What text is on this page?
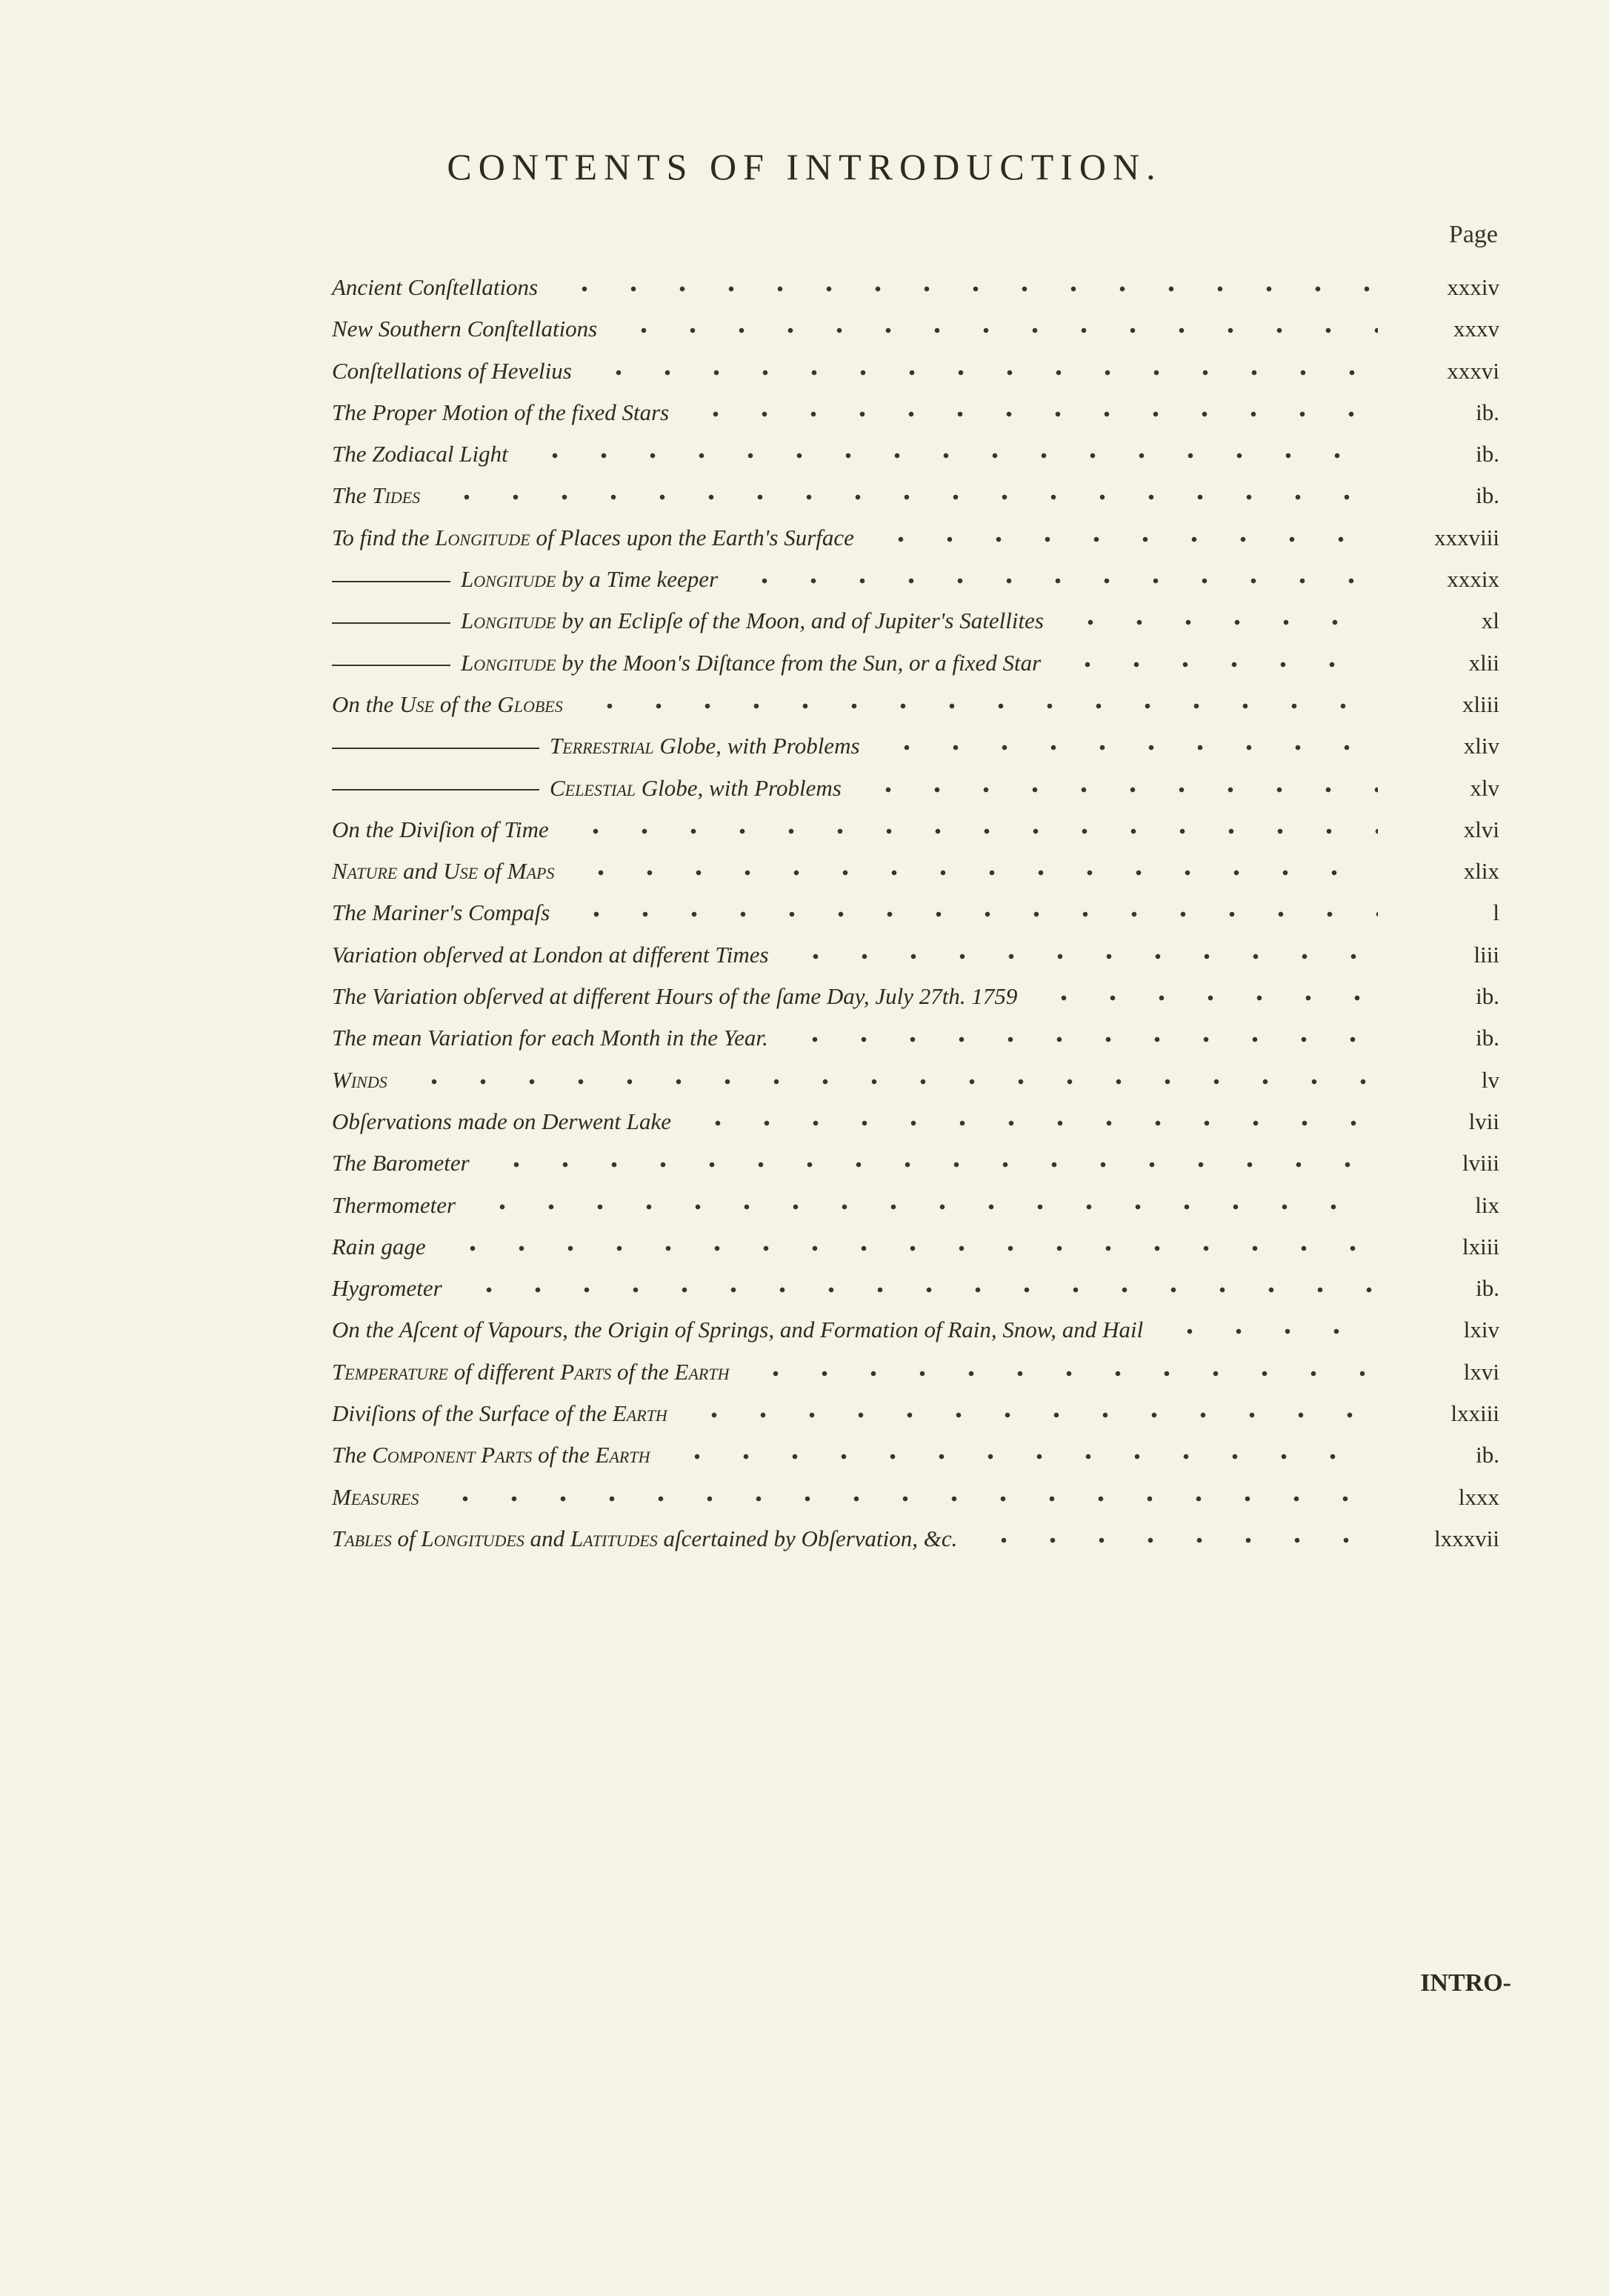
CONTENTS OF INTRODUCTION.
Page
Ancient Conſtellations	xxxiv
New Southern Conſtellations	xxxv
Conſtellations of Hevelius	xxxvi
The Proper Motion of the fixed Stars	ib.
The Zodiacal Light	ib.
The Tides	ib.
To find the Longitude of Places upon the Earth's Surface	xxxviii
Longitude by a Time keeper	xxxix
Longitude by an Eclipſe of the Moon, and of Jupiter's Satellites	xl
Longitude by the Moon's Diſtance from the Sun, or a fixed Star	xlii
On the Use of the Globes	xliii
Terreſtrial Globe, with Problems	xliv
Celeſtial Globe, with Problems	xlv
On the Diviſion of Time	xlvi
Nature and Use of Maps	xlix
The Mariner's Compaſs	l
Variation obſerved at London at different Times	liii
The Variation obſerved at different Hours of the ſame Day, July 27th. 1759	ib.
The mean Variation for each Month in the Year.	ib.
Winds	lv
Obſervations made on Derwent Lake	lvii
The Barometer	lviii
Thermometer	lix
Rain gage	lxiii
Hygrometer	ib.
On the Aſcent of Vapours, the Origin of Springs, and Formation of Rain, Snow, and Hail	lxiv
Temperature of different Parts of the Earth	lxvi
Diviſions of the Surface of the Earth	lxxiii
The Component Parts of the Earth	ib.
Measures	lxxx
Tables of Longitudes and Latitudes aſcertained by Obſervation, &c.	lxxxvii
INTRO-
